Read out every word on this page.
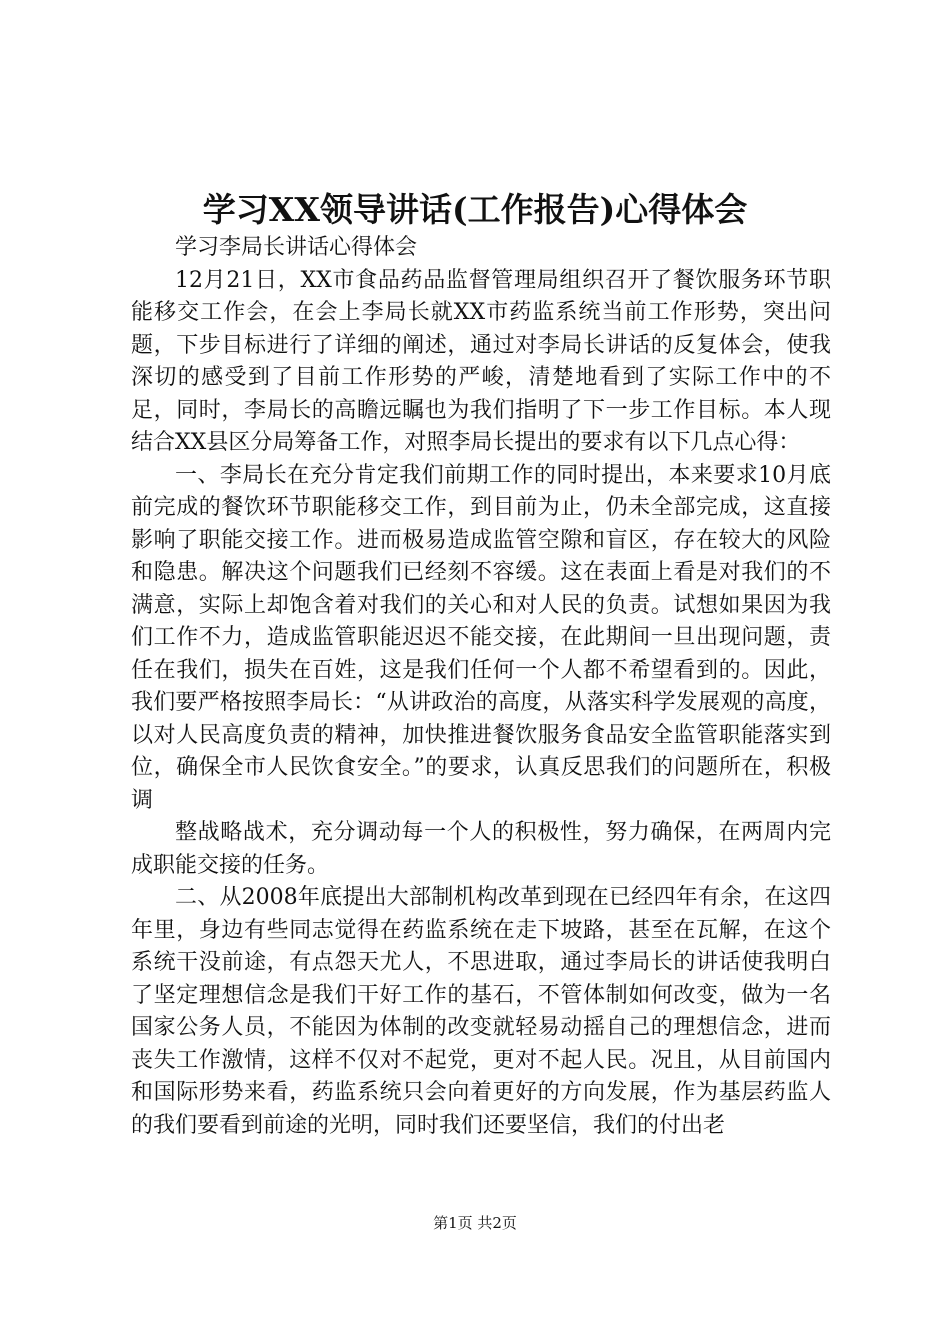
学习XX领导讲话(工作报告)心得体会

学习李局长讲话心得体会

12月21日，XX市食品药品监督管理局组织召开了餐饮服务环节职能移交工作会，在会上李局长就XX市药监系统当前工作形势，突出问题，下步目标进行了详细的阐述，通过对李局长讲话的反复体会，使我深切的感受到了目前工作形势的严峻，清楚地看到了实际工作中的不足，同时，李局长的高瞻远瞩也为我们指明了下一步工作目标。本人现结合XX县区分局筹备工作，对照李局长提出的要求有以下几点心得：

一、李局长在充分肯定我们前期工作的同时提出，本来要求10月底前完成的餐饮环节职能移交工作，到目前为止，仍未全部完成，这直接影响了职能交接工作。进而极易造成监管空隙和盲区，存在较大的风险和隐患。解决这个问题我们已经刻不容缓。这在表面上看是对我们的不满意，实际上却饱含着对我们的关心和对人民的负责。试想如果因为我们工作不力，造成监管职能迟迟不能交接，在此期间一旦出现问题，责任在我们，损失在百姓，这是我们任何一个人都不希望看到的。因此，我们要严格按照李局长：“从讲政治的高度，从落实科学发展观的高度，以对人民高度负责的精神，加快推进餐饮服务食品安全监管职能落实到位，确保全市人民饮食安全。”的要求，认真反思我们的问题所在，积极调

整战略战术，充分调动每一个人的积极性，努力确保，在两周内完成职能交接的任务。

二、从2008年底提出大部制机构改革到现在已经四年有余，在这四年里，身边有些同志觉得在药监系统在走下坡路，甚至在瓦解，在这个系统干没前途，有点怨天尤人，不思进取，通过李局长的讲话使我明白了坚定理想信念是我们干好工作的基石，不管体制如何改变，做为一名国家公务人员，不能因为体制的改变就轻易动摇自己的理想信念，进而丧失工作激情，这样不仅对不起党，更对不起人民。况且，从目前国内和国际形势来看，药监系统只会向着更好的方向发展，作为基层药监人的我们要看到前途的光明，同时我们还要坚信，我们的付出老

第1页 共2页
